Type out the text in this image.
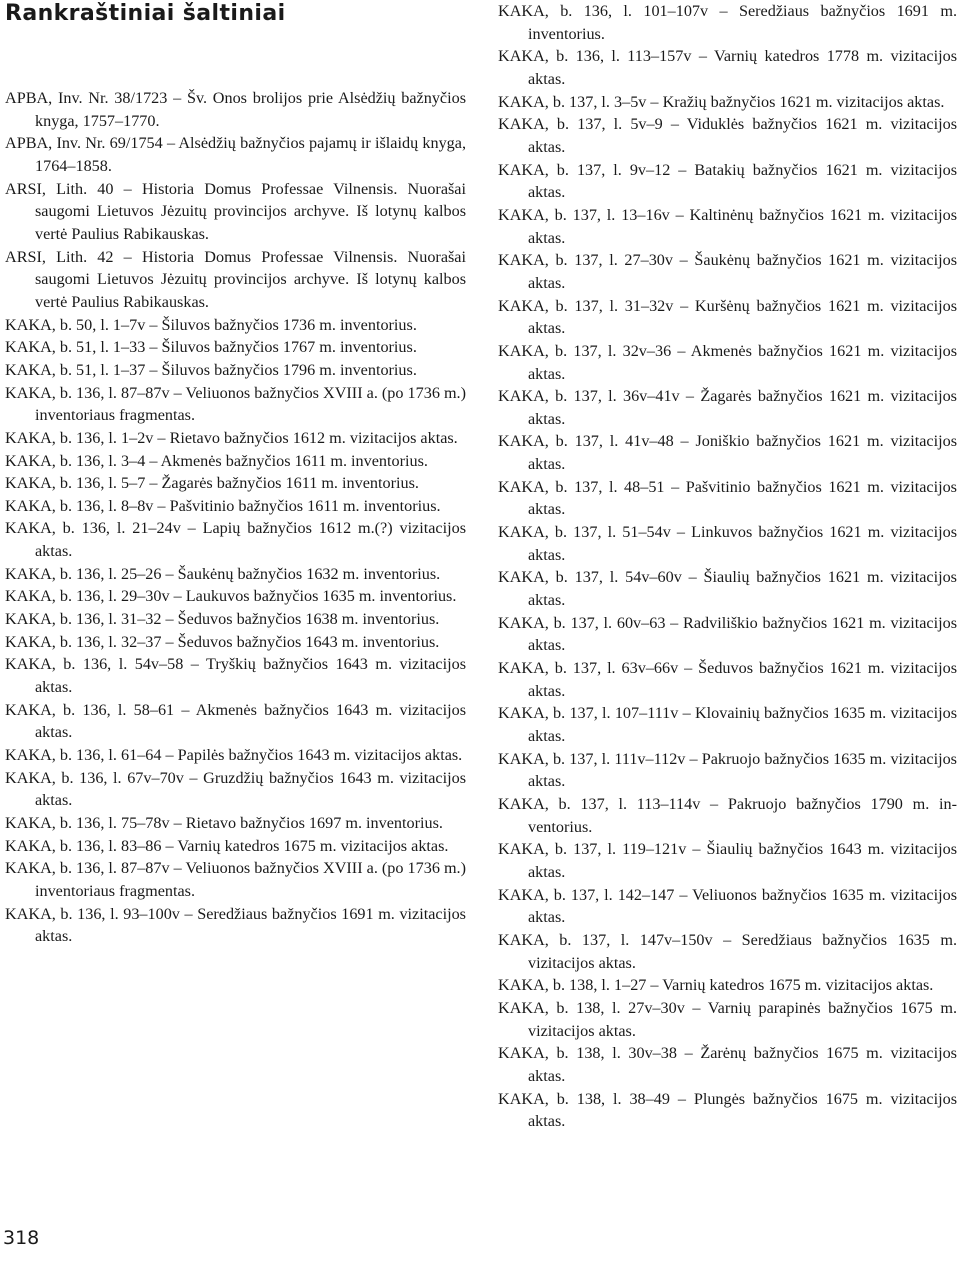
Rankraštiniai šaltiniai

APBA, Inv. Nr. 38/1723 – Šv. Onos brolijos prie Alsėdžių bažnyčios knyga, 1757–1770.

APBA, Inv. Nr. 69/1754 – Alsėdžių bažnyčios pajamų ir išlaidų knyga, 1764–1858.

ARSI, Lith. 40 – Historia Domus Professae Vilnensis. Nuorašai saugomi Lietuvos Jėzuitų provincijos archyve. Iš lotynų kalbos vertė Paulius Rabikauskas.

ARSI, Lith. 42 – Historia Domus Professae Vilnensis. Nuorašai saugomi Lietuvos Jėzuitų provincijos archyve. Iš lotynų kalbos vertė Paulius Rabikauskas.

KAKA, b. 50, l. 1–7v – Šiluvos bažnyčios 1736 m. inventorius.

KAKA, b. 51, l. 1–33 – Šiluvos bažnyčios 1767 m. inventorius.

KAKA, b. 51, l. 1–37 – Šiluvos bažnyčios 1796 m. inventorius.

KAKA, b. 136, l. 87–87v – Veliuonos bažnyčios XVIII a. (po 1736 m.) inventoriaus fragmentas.

KAKA, b. 136, l. 1–2v – Rietavo bažnyčios 1612 m. vizitacijos aktas.

KAKA, b. 136, l. 3–4 – Akmenės bažnyčios 1611 m. inventorius.

KAKA, b. 136, l. 5–7 – Žagarės bažnyčios 1611 m. inventorius.

KAKA, b. 136, l. 8–8v – Pašvitinio bažnyčios 1611 m. inventorius.

KAKA, b. 136, l. 21–24v – Lapių bažnyčios 1612 m.(?) vizitacijos aktas.

KAKA, b. 136, l. 25–26 – Šaukėnų bažnyčios 1632 m. inventorius.

KAKA, b. 136, l. 29–30v – Laukuvos bažnyčios 1635 m. inventorius.

KAKA, b. 136, l. 31–32 – Šeduvos bažnyčios 1638 m. inventorius.

KAKA, b. 136, l. 32–37 – Šeduvos bažnyčios 1643 m. inventorius.

KAKA, b. 136, l. 54v–58 – Tryškių bažnyčios 1643 m. vizitacijos aktas.

KAKA, b. 136, l. 58–61 – Akmenės bažnyčios 1643 m. vizitacijos aktas.

KAKA, b. 136, l. 61–64 – Papilės bažnyčios 1643 m. vizitacijos aktas.

KAKA, b. 136, l. 67v–70v – Gruzdžių bažnyčios 1643 m. vizitacijos aktas.

KAKA, b. 136, l. 75–78v – Rietavo bažnyčios 1697 m. inventorius.

KAKA, b. 136, l. 83–86 – Varnių katedros 1675 m. vizitacijos aktas.

KAKA, b. 136, l. 87–87v – Veliuonos bažnyčios XVIII a. (po 1736 m.) inventoriaus fragmentas.

KAKA, b. 136, l. 93–100v – Seredžiaus bažnyčios 1691 m. vizitacijos aktas.

KAKA, b. 136, l. 101–107v – Seredžiaus bažnyčios 1691 m. inventorius.

KAKA, b. 136, l. 113–157v – Varnių katedros 1778 m. vizitacijos aktas.

KAKA, b. 137, l. 3–5v – Kražių bažnyčios 1621 m. vizitacijos aktas.

KAKA, b. 137, l. 5v–9 – Viduklės bažnyčios 1621 m. vizitacijos aktas.

KAKA, b. 137, l. 9v–12 – Batakių bažnyčios 1621 m. vizitacijos aktas.

KAKA, b. 137, l. 13–16v – Kaltinėnų bažnyčios 1621 m. vizitacijos aktas.

KAKA, b. 137, l. 27–30v – Šaukėnų bažnyčios 1621 m. vizitacijos aktas.

KAKA, b. 137, l. 31–32v – Kuršėnų bažnyčios 1621 m. vizitacijos aktas.

KAKA, b. 137, l. 32v–36 – Akmenės bažnyčios 1621 m. vizitacijos aktas.

KAKA, b. 137, l. 36v–41v – Žagarės bažnyčios 1621 m. vizitacijos aktas.

KAKA, b. 137, l. 41v–48 – Joniškio bažnyčios 1621 m. vizitacijos aktas.

KAKA, b. 137, l. 48–51 – Pašvitinio bažnyčios 1621 m. vizitacijos aktas.

KAKA, b. 137, l. 51–54v – Linkuvos bažnyčios 1621 m. vizitacijos aktas.

KAKA, b. 137, l. 54v–60v – Šiaulių bažnyčios 1621 m. vizitacijos aktas.

KAKA, b. 137, l. 60v–63 – Radviliškio bažnyčios 1621 m. vizitacijos aktas.

KAKA, b. 137, l. 63v–66v – Šeduvos bažnyčios 1621 m. vizitacijos aktas.

KAKA, b. 137, l. 107–111v – Klovainių bažnyčios 1635 m. vizitacijos aktas.

KAKA, b. 137, l. 111v–112v – Pakruojo bažnyčios 1635 m. vizitacijos aktas.

KAKA, b. 137, l. 113–114v – Pakruojo bažnyčios 1790 m. inventorius.

KAKA, b. 137, l. 119–121v – Šiaulių bažnyčios 1643 m. vizitacijos aktas.

KAKA, b. 137, l. 142–147 – Veliuonos bažnyčios 1635 m. vizitacijos aktas.

KAKA, b. 137, l. 147v–150v – Seredžiaus bažnyčios 1635 m. vizitacijos aktas.

KAKA, b. 138, l. 1–27 – Varnių katedros 1675 m. vizitacijos aktas.

KAKA, b. 138, l. 27v–30v – Varnių parapinės bažnyčios 1675 m. vizitacijos aktas.

KAKA, b. 138, l. 30v–38 – Žarėnų bažnyčios 1675 m. vizitacijos aktas.

KAKA, b. 138, l. 38–49 – Plungės bažnyčios 1675 m. vizitacijos aktas.

318
